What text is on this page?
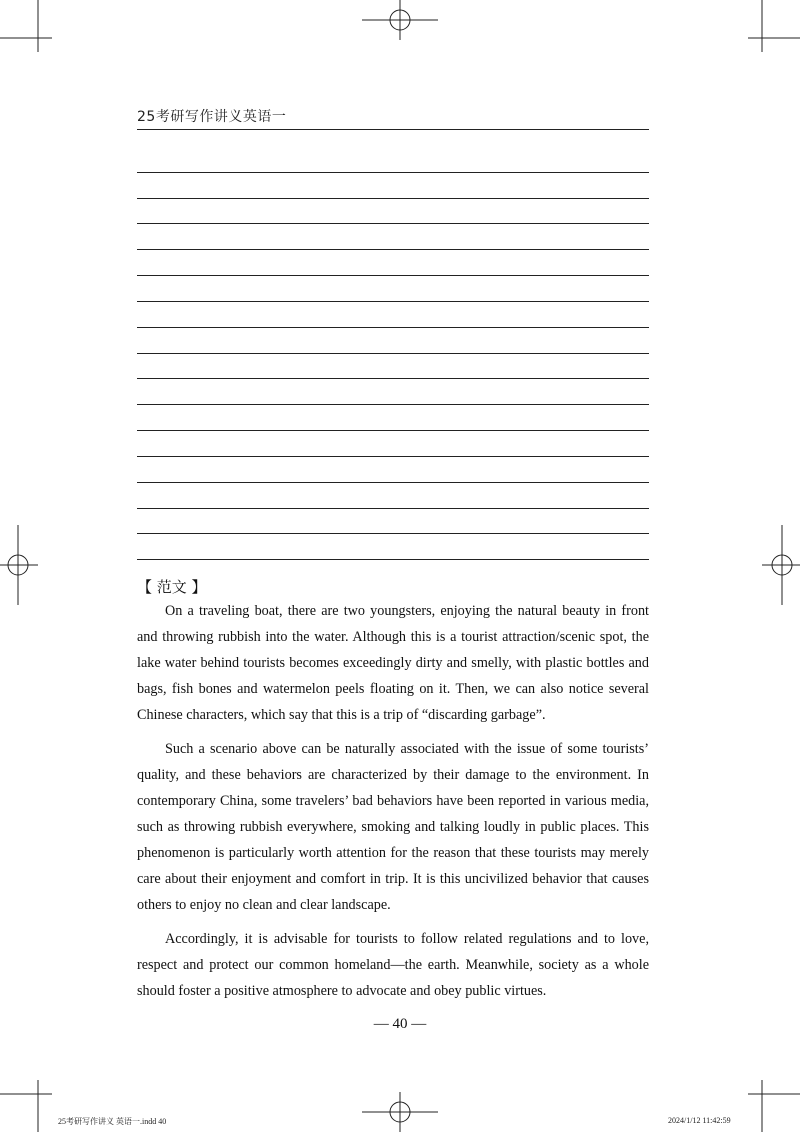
25考研写作讲义英语一
【 范文 】

On a traveling boat, there are two youngsters, enjoying the natural beauty in front and throwing rubbish into the water. Although this is a tourist attraction/scenic spot, the lake water behind tourists becomes exceedingly dirty and smelly, with plastic bottles and bags, fish bones and watermelon peels floating on it. Then, we can also notice several Chinese characters, which say that this is a trip of “discarding garbage”.

Such a scenario above can be naturally associated with the issue of some tourists’ quality, and these behaviors are characterized by their damage to the environment. In contemporary China, some travelers’ bad behaviors have been reported in various media, such as throwing rubbish everywhere, smoking and talking loudly in public places. This phenomenon is particularly worth attention for the reason that these tourists may merely care about their enjoyment and comfort in trip. It is this uncivilized behavior that causes others to enjoy no clean and clear landscape.

Accordingly, it is advisable for tourists to follow related regulations and to love, respect and protect our common homeland—the earth. Meanwhile, society as a whole should foster a positive atmosphere to advocate and obey public virtues.

— 40 —
25考研写作讲义 英语一.indd 40	2024/1/12 11:42:59
